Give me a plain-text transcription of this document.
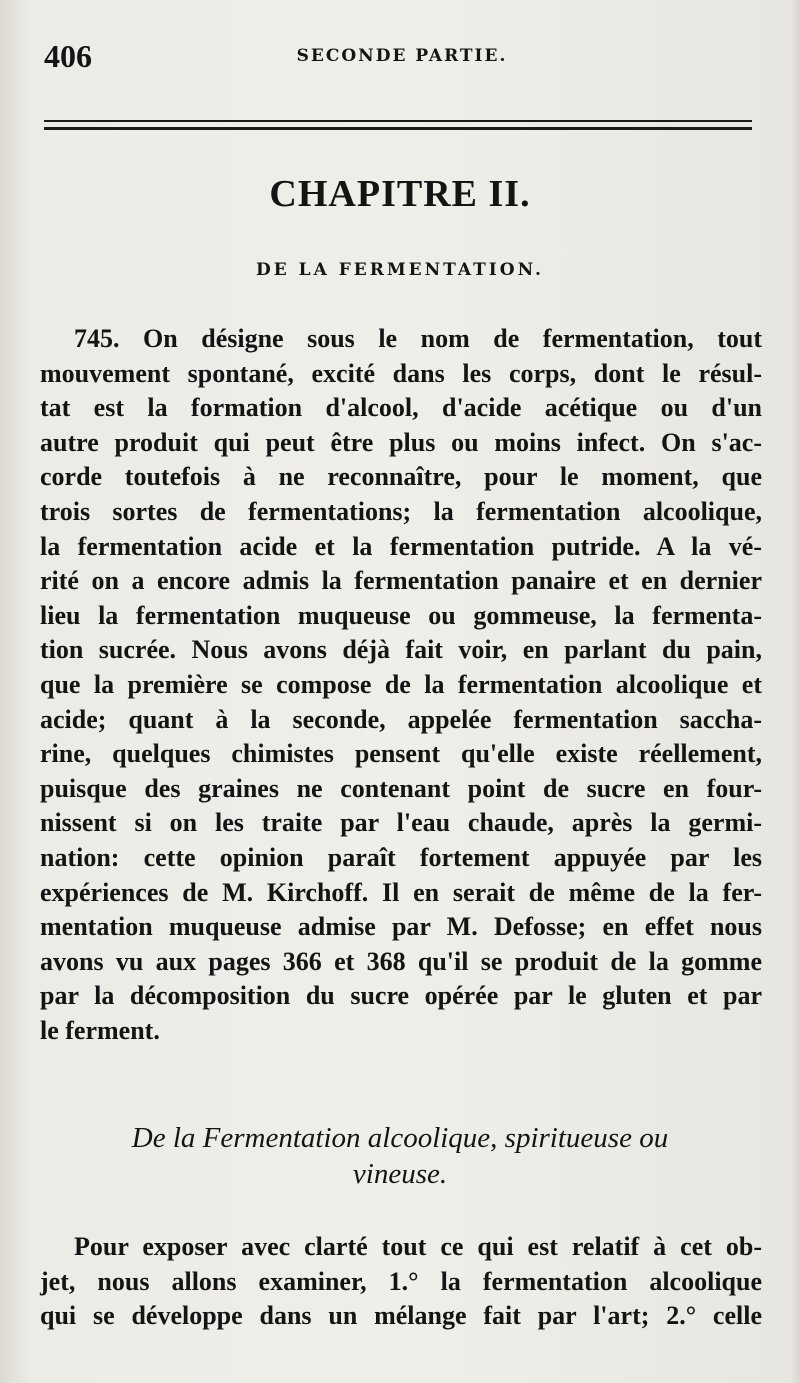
406	SECONDE PARTIE.
CHAPITRE II.
DE LA FERMENTATION.
745. On désigne sous le nom de fermentation, tout
mouvement spontané, excité dans les corps, dont le résul-
tat est la formation d'alcool, d'acide acétique ou d'un
autre produit qui peut être plus ou moins infect. On s'ac-
corde toutefois à ne reconnaître, pour le moment, que
trois sortes de fermentations; la fermentation alcoolique,
la fermentation acide et la fermentation putride. A la vé-
rité on a encore admis la fermentation panaire et en dernier
lieu la fermentation muqueuse ou gommeuse, la fermenta-
tion sucrée. Nous avons déjà fait voir, en parlant du pain,
que la première se compose de la fermentation alcoolique et
acide; quant à la seconde, appelée fermentation saccha-
rine, quelques chimistes pensent qu'elle existe réellement,
puisque des graines ne contenant point de sucre en four-
nissent si on les traite par l'eau chaude, après la germi-
nation: cette opinion paraît fortement appuyée par les
expériences de M. Kirchoff. Il en serait de même de la fer-
mentation muqueuse admise par M. Defosse; en effet nous
avons vu aux pages 366 et 368 qu'il se produit de la gomme
par la décomposition du sucre opérée par le gluten et par
le ferment.
De la Fermentation alcoolique, spiritueuse ou
vineuse.
Pour exposer avec clarté tout ce qui est relatif à cet ob-
jet, nous allons examiner, 1.° la fermentation alcoolique
qui se développe dans un mélange fait par l'art; 2.° celle
